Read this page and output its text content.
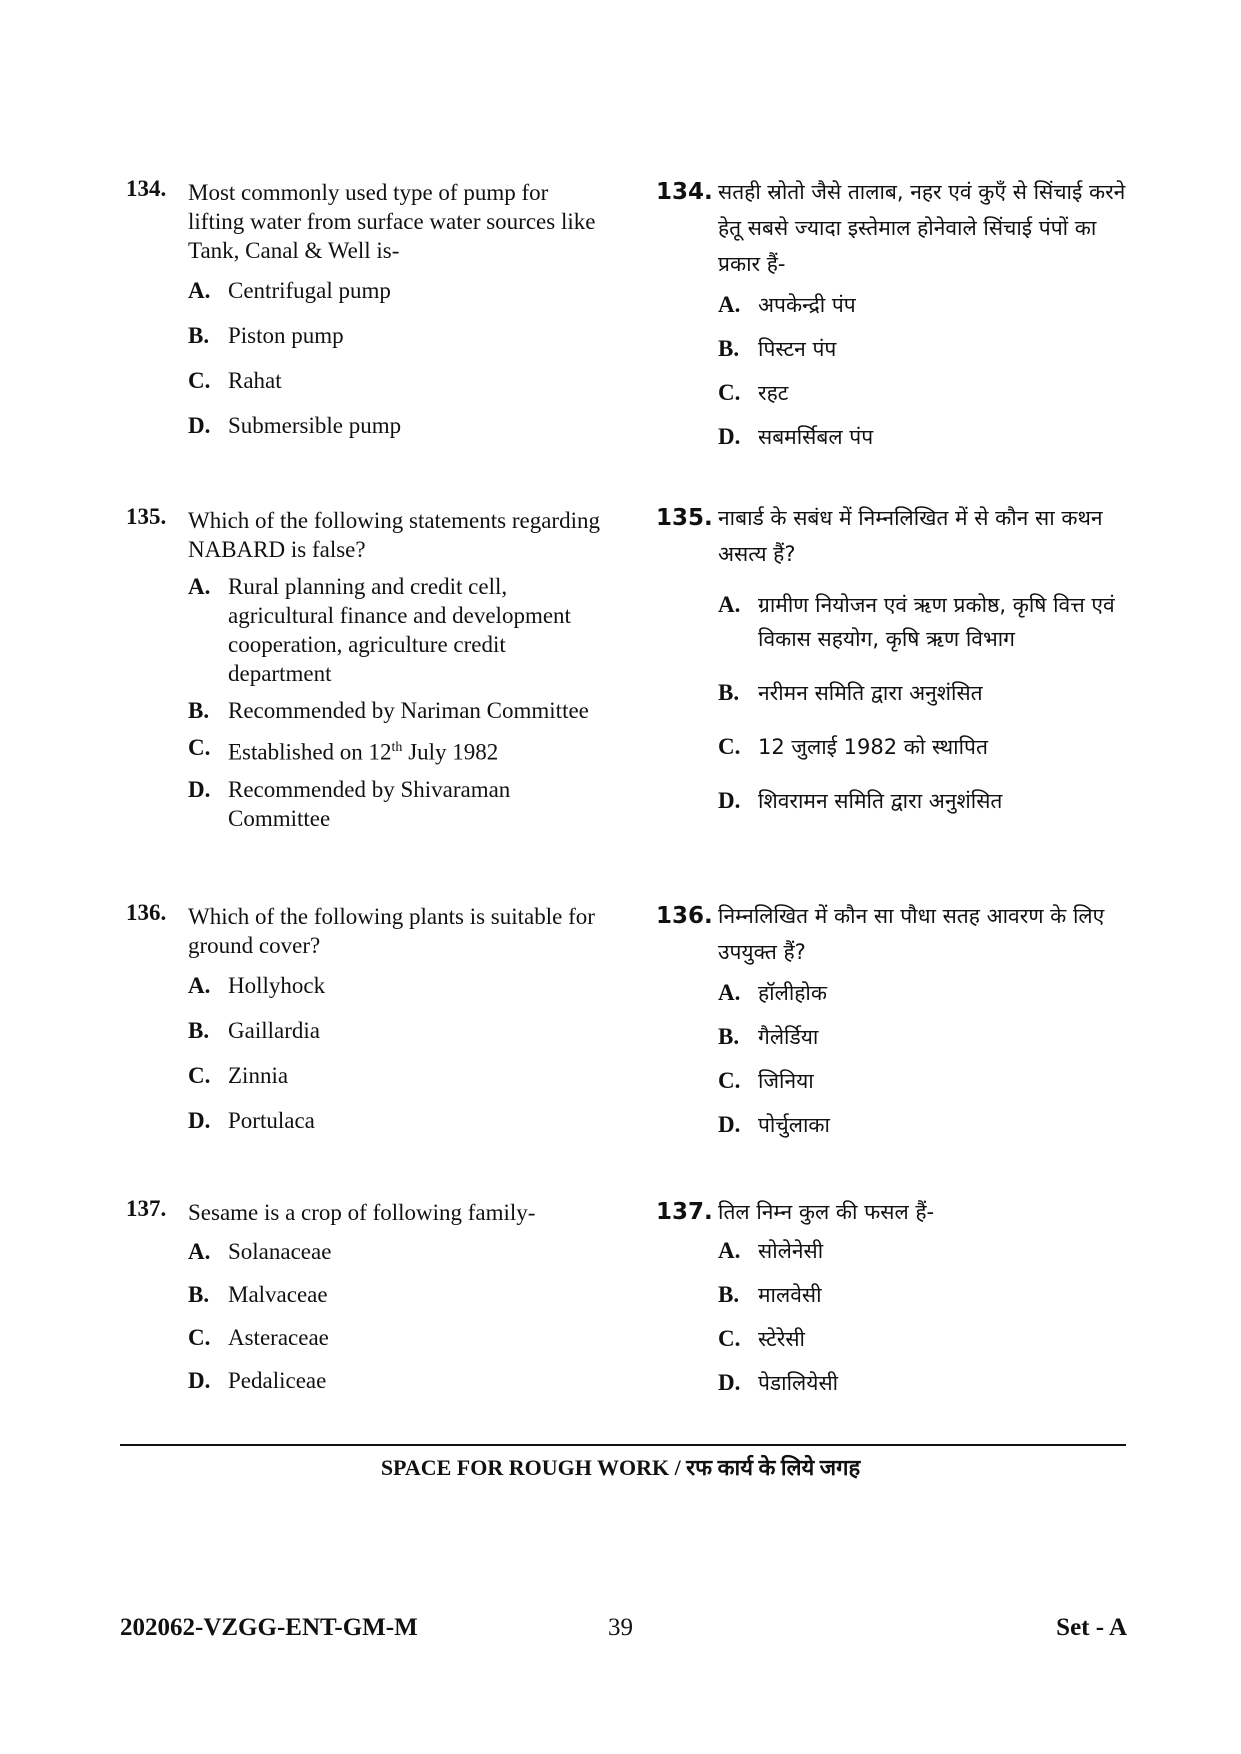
134. Most commonly used type of pump for lifting water from surface water sources like Tank, Canal & Well is-
A. Centrifugal pump
B. Piston pump
C. Rahat
D. Submersible pump
135. Which of the following statements regarding NABARD is false?
A. Rural planning and credit cell, agricultural finance and development cooperation, agriculture credit department
B. Recommended by Nariman Committee
C. Established on 12th July 1982
D. Recommended by Shivaraman Committee
136. Which of the following plants is suitable for ground cover?
A. Hollyhock
B. Gaillardia
C. Zinnia
D. Portulaca
137. Sesame is a crop of following family-
A. Solanaceae
B. Malvaceae
C. Asteraceae
D. Pedaliceae
134. सतही स्रोतो जैसे तालाब, नहर एवं कुएँ से सिंचाई करने हेतू सबसे ज्यादा इस्तेमाल होनेवाले सिंचाई पंपों का प्रकार हैं-
A. अपकेन्द्री पंप
B. पिस्टन पंप
C. रहट
D. सबमर्सिबल पंप
135. नाबार्ड के सबंध में निम्नलिखित में से कौन सा कथन असत्य हैं?
A. ग्रामीण नियोजन एवं ऋण प्रकोष्ठ, कृषि वित्त एवं विकास सहयोग, कृषि ऋण विभाग
B. नरीमन समिति द्वारा अनुशंसित
C. 12 जुलाई 1982 को स्थापित
D. शिवरामन समिति द्वारा अनुशंसित
136. निम्नलिखित में कौन सा पौधा सतह आवरण के लिए उपयुक्त हैं?
A. हॉलीहोक
B. गैलेर्डिया
C. जिनिया
D. पोर्चुलाका
137. तिल निम्न कुल की फसल हैं-
A. सोलेनेसी
B. मालवेसी
C. स्टेरेसी
D. पेडालियेसी
SPACE FOR ROUGH WORK / रफ कार्य के लिये जगह
202062-VZGG-ENT-GM-M	39	Set - A
